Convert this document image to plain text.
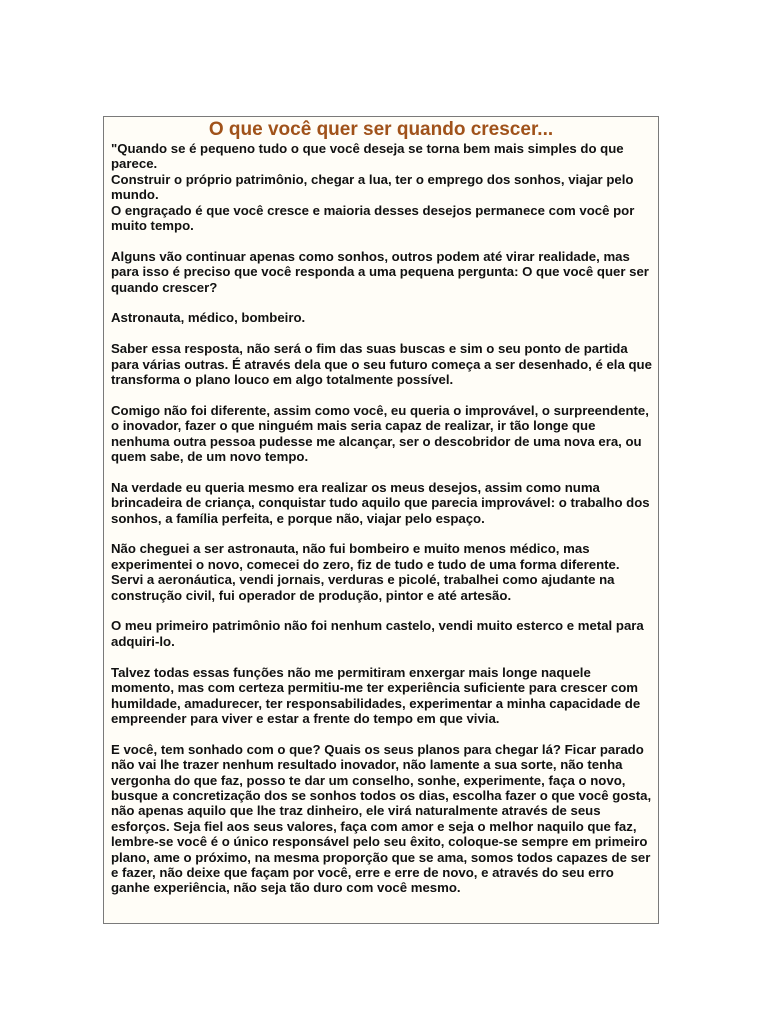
O que você quer ser quando crescer...

"Quando se é pequeno tudo o que você deseja se torna bem mais simples do que parece.
Construir o próprio patrimônio, chegar a lua, ter o emprego dos sonhos, viajar pelo mundo.
O engraçado é que você cresce e maioria desses desejos permanece com você por muito tempo.

Alguns vão continuar apenas como sonhos, outros podem até virar realidade, mas para isso é preciso que você responda a uma pequena pergunta: O que você quer ser quando crescer?

Astronauta, médico, bombeiro.

Saber essa resposta, não será o fim das suas buscas e sim o seu ponto de partida para várias outras. É através dela que o seu futuro começa a ser desenhado, é ela que transforma o plano louco em algo totalmente possível.

Comigo não foi diferente, assim como você, eu queria o improvável, o surpreendente, o inovador, fazer o que ninguém mais seria capaz de realizar, ir tão longe que nenhuma outra pessoa pudesse me alcançar, ser o descobridor de uma nova era, ou quem sabe, de um novo tempo.

Na verdade eu queria mesmo era realizar os meus desejos, assim como numa brincadeira de criança, conquistar tudo aquilo que parecia improvável: o trabalho dos sonhos, a família perfeita, e porque não, viajar pelo espaço.

Não cheguei a ser astronauta, não fui bombeiro e muito menos médico, mas experimentei o novo, comecei do zero, fiz de tudo e tudo de uma forma diferente. Servi a aeronáutica, vendi jornais, verduras e picolé, trabalhei como ajudante na construção civil, fui operador de produção, pintor e até artesão.

O meu primeiro patrimônio não foi nenhum castelo, vendi muito esterco e metal para adquiri-lo.

Talvez todas essas funções não me permitiram enxergar mais longe naquele momento, mas com certeza permitiu-me ter experiência suficiente para crescer com humildade, amadurecer, ter responsabilidades, experimentar a minha capacidade de empreender para viver e estar a frente do tempo em que vivia.

E você, tem sonhado com o que? Quais os seus planos para chegar lá? Ficar parado não vai lhe trazer nenhum resultado inovador, não lamente a sua sorte, não tenha vergonha do que faz, posso te dar um conselho, sonhe, experimente, faça o novo, busque a concretização dos se sonhos todos os dias, escolha fazer o que você gosta, não apenas aquilo que lhe traz dinheiro, ele virá naturalmente através de seus esforços. Seja fiel aos seus valores, faça com amor e seja o melhor naquilo que faz, lembre-se você é o único responsável pelo seu êxito, coloque-se sempre em primeiro plano, ame o próximo, na mesma proporção que se ama, somos todos capazes de ser e fazer, não deixe que façam por você, erre e erre de novo, e através do seu erro ganhe experiência, não seja tão duro com você mesmo.
